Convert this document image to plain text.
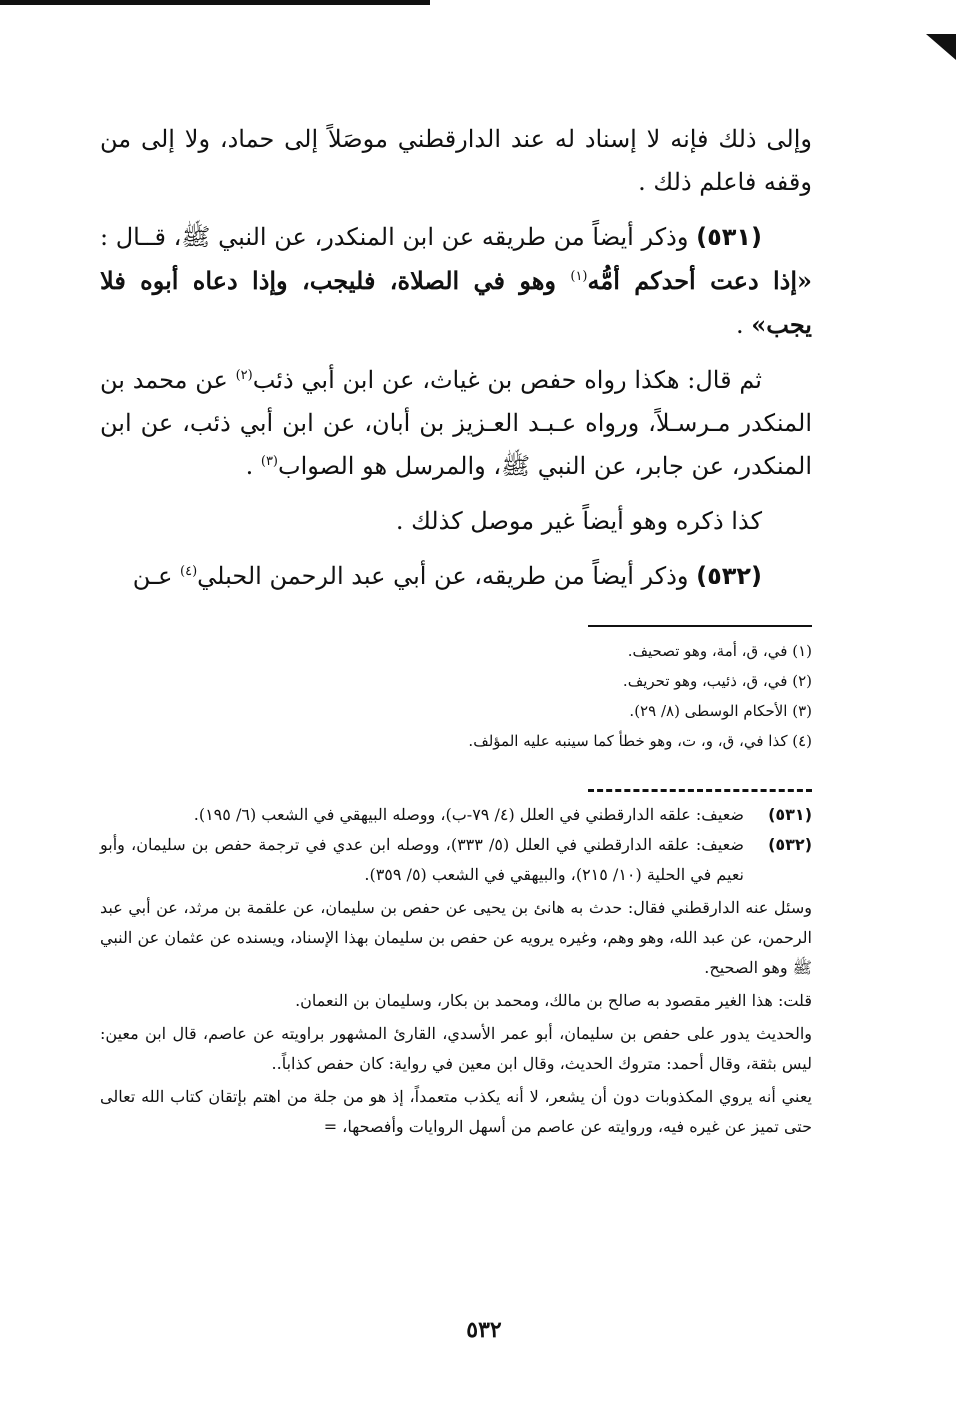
وإلى ذلك فإنه لا إسناد له عند الدارقطني موصَلاً إلى حماد، ولا إلى من وقفه فاعلم ذلك .

(٥٣١) وذكر أيضاً من طريقه عن ابن المنكدر، عن النبي ﷺ، قــال : «إذا دعت أحدكم أمُّه$^{(١)}$ وهو في الصلاة، فليجب، وإذا دعاه أبوه فلا يجب» .

ثم قال: هكذا رواه حفص بن غياث، عن ابن أبي ذئب$^{(٢)}$ عن محمد بن المنكدر مـرسـلاً، ورواه عـبـد العـزيز بن أبان، عن ابن أبي ذئب، عن ابن المنكدر، عن جابر، عن النبي ﷺ، والمرسل هو الصواب$^{(٣)}$ .

كذا ذكره وهو أيضاً غير موصل كذلك .

(٥٣٢) وذكر أيضاً من طريقه، عن أبي عبد الرحمن الحبلي$^{(٤)}$ عـن

(١) في، ق، أمة، وهو تصحيف.
(٢) في، ق، ذئيب، وهو تحريف.
(٣) الأحكام الوسطى (٨/ ٢٩).
(٤) كذا في، ق، و، ت، وهو خطأ كما سينبه عليه المؤلف.
(٥٣١)
ضعيف: علقه الدارقطني في العلل (٤/ ٧٩-ب)، ووصله البيهقي في الشعب (٦/ ١٩٥).
(٥٣٢)
ضعيف: علقه الدارقطني في العلل (٥/ ٣٣٣)، ووصله ابن عدي في ترجمة حفص بن سليمان، وأبو نعيم في الحلية (١٠/ ٢١٥)، والبيهقي في الشعب (٥/ ٣٥٩).
وسئل عنه الدارقطني فقال: حدث به هانئ بن يحيى عن حفص بن سليمان، عن علقمة بن مرثد، عن أبي عبد الرحمن، عن عبد الله، وهو وهم، وغيره يرويه عن حفص بن سليمان بهذا الإسناد، ويسنده عن عثمان عن النبي ﷺ وهو الصحيح.
قلت: هذا الغير مقصود به صالح بن مالك، ومحمد بن بكار، وسليمان بن النعمان.
والحديث يدور على حفص بن سليمان، أبو عمر الأسدي، القارئ المشهور براويته عن عاصم، قال ابن معين: ليس بثقة، وقال أحمد: متروك الحديث، وقال ابن معين في رواية: كان حفص كذاباً..
يعني أنه يروي المكذوبات دون أن يشعر، لا أنه يكذب متعمداً، إذ هو من جلة من اهتم بإتقان كتاب الله تعالى حتى تميز عن غيره فيه، وروايته عن عاصم من أسهل الروايات وأفصحها، =
٥٣٢
